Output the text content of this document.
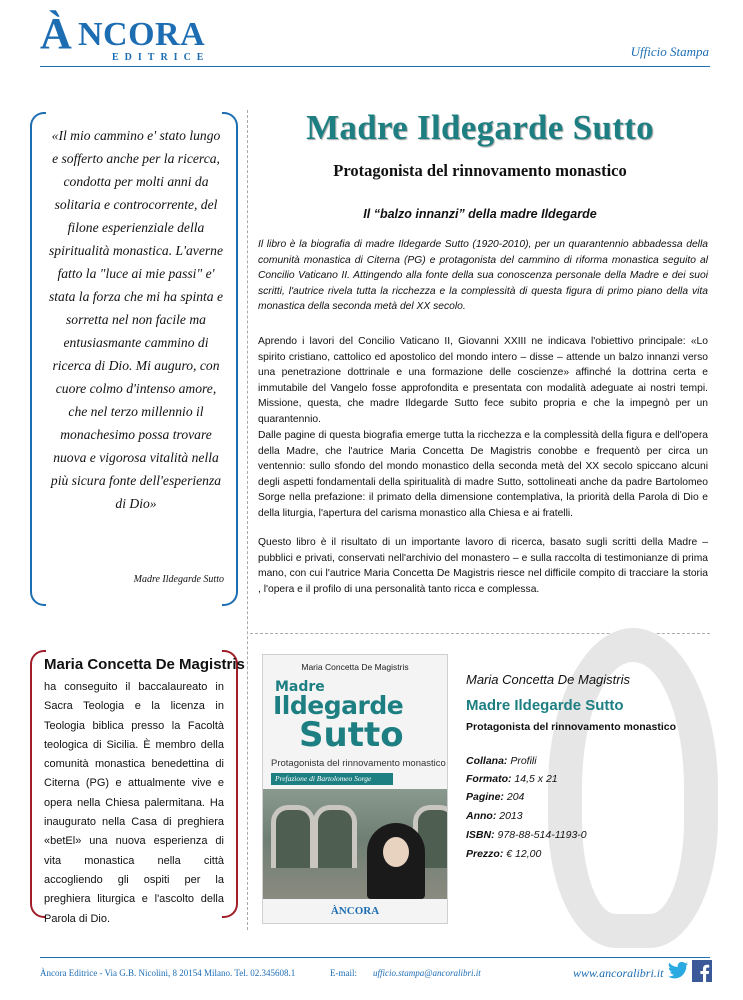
À NCORA
EDITRICE	Ufficio Stampa
«Il mio cammino e' stato lungo e sofferto anche per la ricerca, condotta per molti anni da solitaria e controcorrente, del filone esperienziale della spiritualità monastica. L'averne fatto la "luce ai mie passi" e' stata la forza che mi ha spinta e sorretta nel non facile ma entusiasmante cammino di ricerca di Dio. Mi auguro, con cuore colmo d'intenso amore, che nel terzo millennio il monachesimo possa trovare nuova e vigorosa vitalità nella più sicura fonte dell'esperienza di Dio»
Madre Ildegarde Sutto
Maria Concetta De Magistris
ha conseguito il baccalaureato in Sacra Teologia e la licenza in Teologia biblica presso la Facoltà teologica di Sicilia. È membro della comunità monastica benedettina di Citerna (PG) e attualmente vive e opera nella Chiesa palermitana. Ha inaugurato nella Casa di preghiera «betEl» una nuova esperienza di vita monastica nella città accogliendo gli ospiti per la preghiera liturgica e l'ascolto della Parola di Dio.
Madre Ildegarde Sutto
Protagonista del rinnovamento monastico
Il “balzo innanzi” della madre Ildegarde
Il libro è la biografia di madre Ildegarde Sutto (1920-2010), per un quarantennio abbadessa della comunità monastica di Citerna (PG) e protagonista del cammino di riforma monastica seguito al Concilio Vaticano II. Attingendo alla fonte della sua conoscenza personale della Madre e dei suoi scritti, l'autrice rivela tutta la ricchezza e la complessità di questa figura di primo piano della vita monastica della seconda metà del XX secolo.
Aprendo i lavori del Concilio Vaticano II, Giovanni XXIII ne indicava l'obiettivo principale: «Lo spirito cristiano, cattolico ed apostolico del mondo intero – disse – attende un balzo innanzi verso una penetrazione dottrinale e una formazione delle coscienze» affinché la dottrina certa e immutabile del Vangelo fosse approfondita e presentata con modalità adeguate ai nostri tempi. Missione, questa, che madre Ildegarde Sutto fece subito propria e che la impegnò per un quarantennio.
Dalle pagine di questa biografia emerge tutta la ricchezza e la complessità della figura e dell'opera della Madre, che l'autrice Maria Concetta De Magistris conobbe e frequentò per circa un ventennio: sullo sfondo del mondo monastico della seconda metà del XX secolo spiccano alcuni degli aspetti fondamentali della spiritualità di madre Sutto, sottolineati anche da padre Bartolomeo Sorge nella prefazione: il primato della dimensione contemplativa, la priorità della Parola di Dio e della liturgia, l'apertura del carisma monastico alla Chiesa e ai fratelli.
Questo libro è il risultato di un importante lavoro di ricerca, basato sugli scritti della Madre – pubblici e privati, conservati nell'archivio del monastero – e sulla raccolta di testimonianze di prima mano, con cui l'autrice Maria Concetta De Magistris riesce nel difficile compito di tracciare la storia , l'opera e il profilo di una personalità tanto ricca e complessa.
Maria Concetta De Magistris
Madre
Ildegarde
Sutto
Protagonista del rinnovamento monastico
Prefazione di Bartolomeo Sorge
ÀNCORA
Maria Concetta De Magistris
Madre Ildegarde Sutto
Protagonista del rinnovamento monastico
Collana: Profili
Formato: 14,5 x 21
Pagine: 204
Anno: 2013
ISBN: 978-88-514-1193-0
Prezzo: € 12,00
Àncora Editrice - Via G.B. Nicolini, 8 20154 Milano. Tel. 02.345608.1	E-mail: ufficio.stampa@ancoralibri.it	www.ancoralibri.it
